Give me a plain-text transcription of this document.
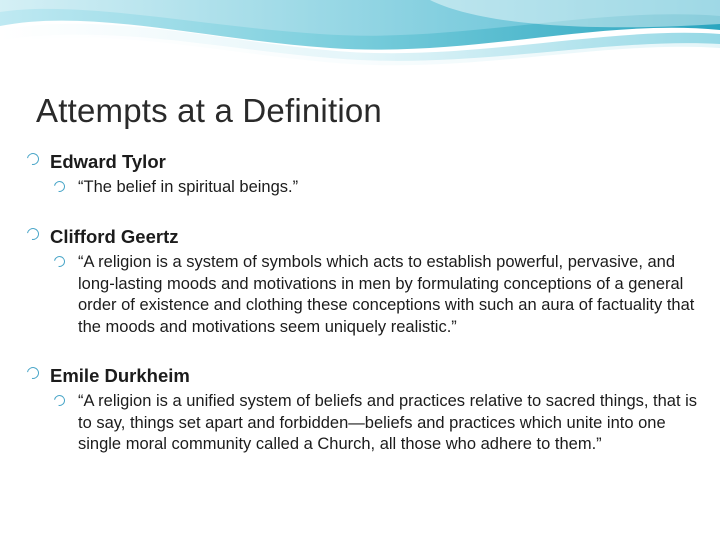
Attempts at a Definition
Edward Tylor
“The belief in spiritual beings.”
Clifford Geertz
“A religion is a system of symbols which acts to establish powerful, pervasive, and long-lasting moods and motivations in men by formulating conceptions of a general order of existence and clothing these conceptions with such an aura of factuality that the moods and motivations seem uniquely realistic.”
Emile Durkheim
“A religion is a unified system of beliefs and practices relative to sacred things, that is to say, things set apart and forbidden—beliefs and practices which unite into one single moral community called a Church, all those who adhere to them.”
